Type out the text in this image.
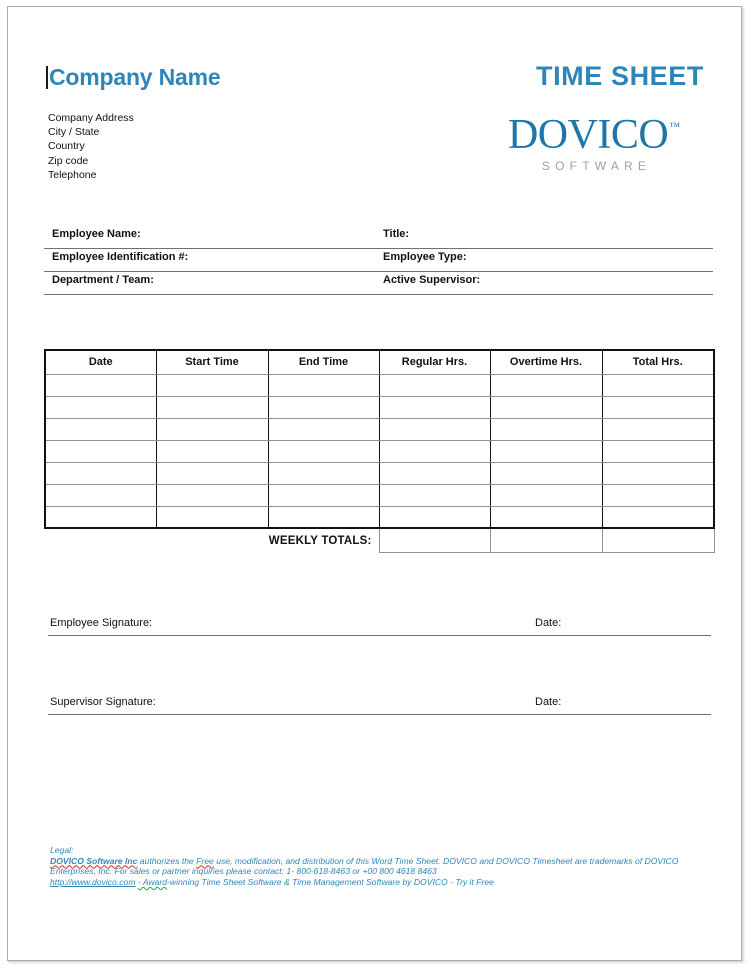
Company Name
Company Address
City / State
Country
Zip code
Telephone
TIME SHEET
DOVICO™
SOFTWARE
Employee Name:	Title:
Employee Identification #:	Employee Type:
Department / Team:	Active Supervisor:
Date	Start Time	End Time	Regular Hrs.	Overtime Hrs.	Total Hrs.

WEEKLY TOTALS:					
Employee Signature:	Date:
Supervisor Signature:	Date:
Legal:
DOVICO Software Inc authorizes the Free use, modification, and distribution of this Word Time Sheet. DOVICO and DOVICO Timesheet are trademarks of DOVICO Enterprises, Inc. For sales or partner inquiries please contact: 1- 800-618-8463 or +00 800 4618 8463
http://www.dovico.com - Award-winning Time Sheet Software & Time Management Software by DOVICO - Try it Free
